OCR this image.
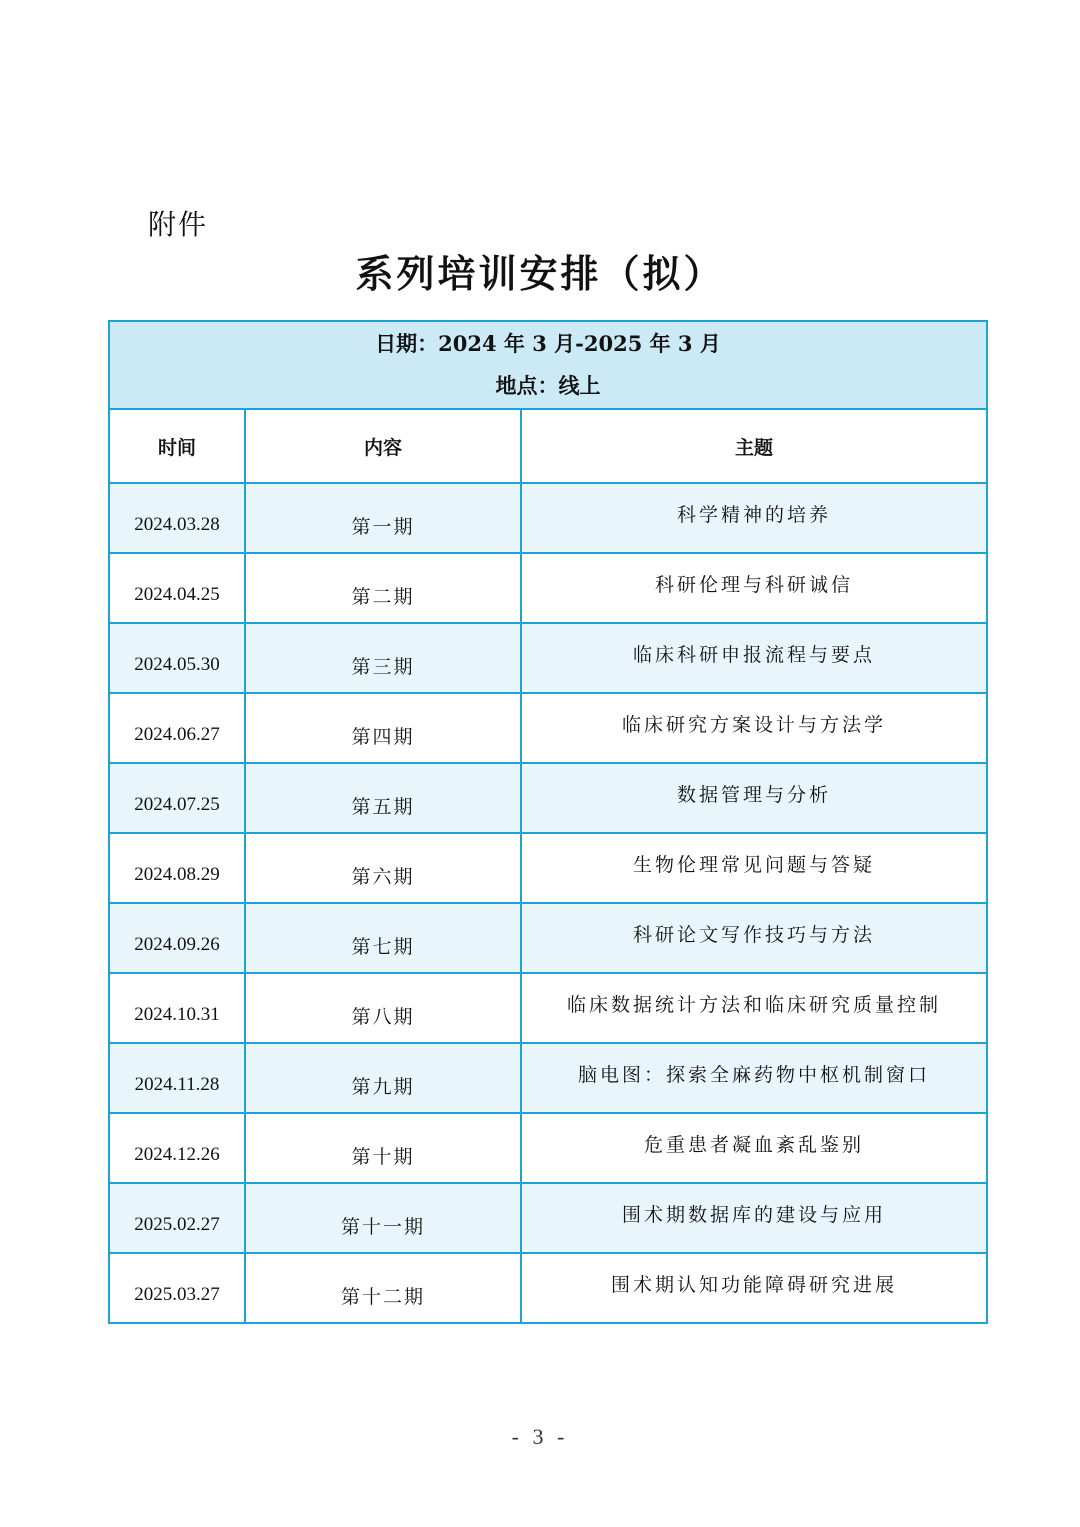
附件
系列培训安排（拟）
日期：2024 年 3 月-2025 年 3 月
地点：线上		

时间	内容	主题
2024.03.28	第一期	科学精神的培养
2024.04.25	第二期	科研伦理与科研诚信
2024.05.30	第三期	临床科研申报流程与要点
2024.06.27	第四期	临床研究方案设计与方法学
2024.07.25	第五期	数据管理与分析
2024.08.29	第六期	生物伦理常见问题与答疑
2024.09.26	第七期	科研论文写作技巧与方法
2024.10.31	第八期	临床数据统计方法和临床研究质量控制
2024.11.28	第九期	脑电图：探索全麻药物中枢机制窗口
2024.12.26	第十期	危重患者凝血紊乱鉴别
2025.02.27	第十一期	围术期数据库的建设与应用
2025.03.27	第十二期	围术期认知功能障碍研究进展
- 3 -
